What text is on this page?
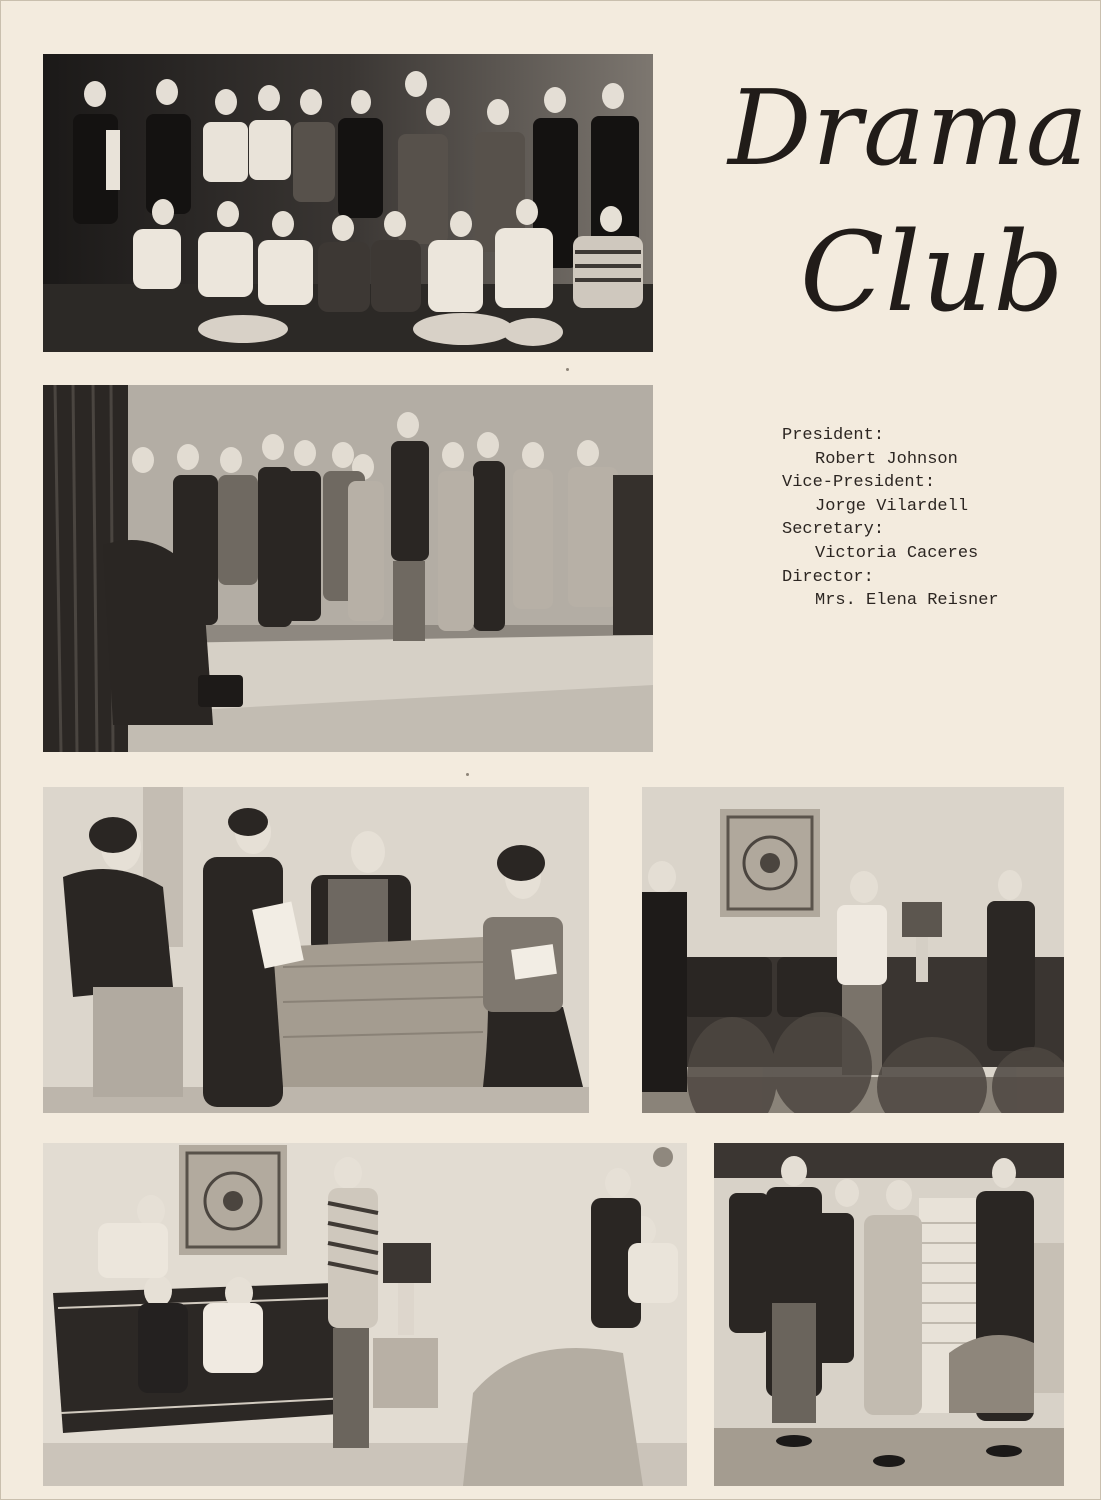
Drama
Club
President:
Robert Johnson
Vice-President:
Jorge Vilardell
Secretary:
Victoria Caceres
Director:
Mrs. Elena Reisner
